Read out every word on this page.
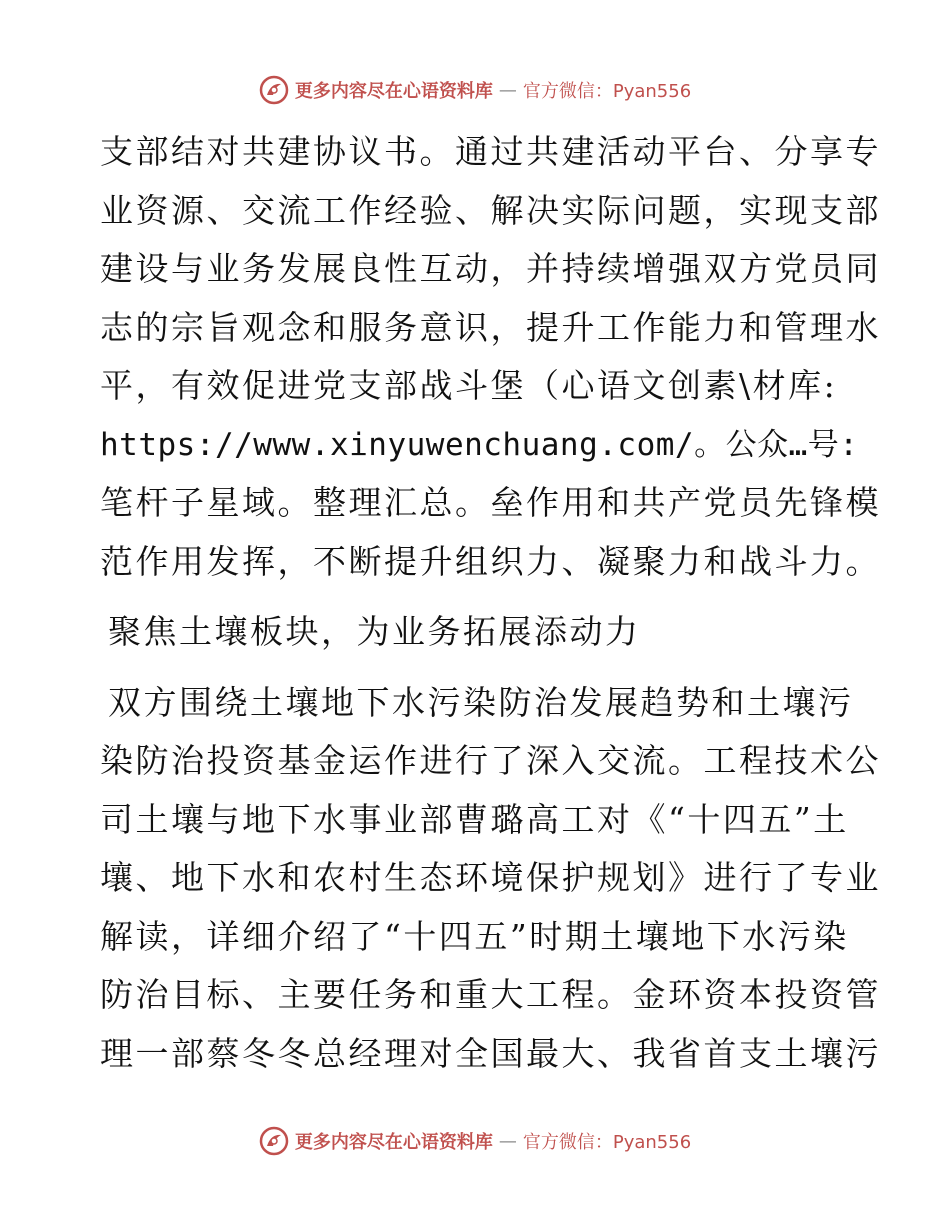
更多内容尽在心语资料库 — 官方微信：Pyan556
支部结对共建协议书。通过共建活动平台、分享专
业资源、交流工作经验、解决实际问题，实现支部
建设与业务发展良性互动，并持续增强双方党员同
志的宗旨观念和服务意识，提升工作能力和管理水
平，有效促进党支部战斗堡（心语文创素\材库:
https://www.xinyuwenchuang.com/。公众…号:
笔杆子星域。整理汇总。垒作用和共产党员先锋模
范作用发挥，不断提升组织力、凝聚力和战斗力。
聚焦土壤板块，为业务拓展添动力
双方围绕土壤地下水污染防治发展趋势和土壤污
染防治投资基金运作进行了深入交流。工程技术公
司土壤与地下水事业部曹璐高工对《“十四五”土
壤、地下水和农村生态环境保护规划》进行了专业
解读，详细介绍了“十四五”时期土壤地下水污染
防治目标、主要任务和重大工程。金环资本投资管
理一部蔡冬冬总经理对全国最大、我省首支土壤污
更多内容尽在心语资料库 — 官方微信：Pyan556
